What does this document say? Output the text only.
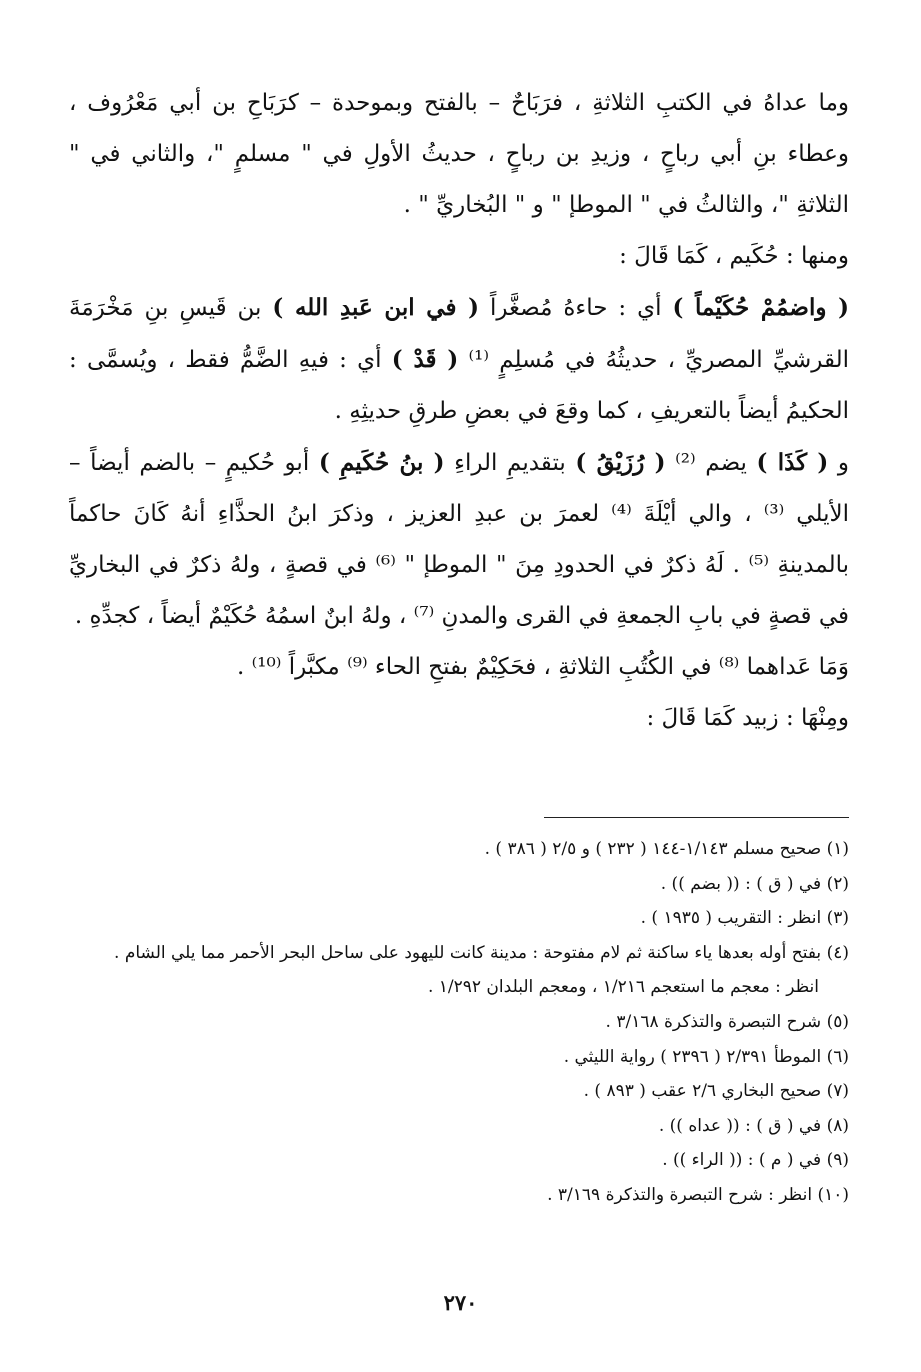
وما عداهُ في الكتبِ الثلاثةِ ، فرَبَاحٌ – بالفتح وبموحدة – كرَبَاحِ بن أبي مَعْرُوف ، وعطاء بنِ أبي رباحٍ ، وزيدِ بن رباحٍ ، حديثُ الأولِ في " مسلمٍ "، والثاني في " الثلاثةِ "، والثالثُ في " الموطإ " و " البُخاريِّ " .

ومنها : حُكَيم ، كَمَا قَالَ :

( واضمُمْ حُكَيْماً ) أي : حاءهُ مُصغَّراً ( في ابن عَبدِ الله ) بن قَيسِ بنِ مَخْرَمَةَ القرشيِّ المصريِّ ، حديثُهُ في مُسلِمٍ ⁽¹⁾ ( قَدْ ) أي : فيهِ الضَّمُّ فقط ، ويُسمَّى : الحكيمُ أيضاً بالتعريفِ ، كما وقعَ في بعضِ طرقِ حديثِهِ .

و ( كَذَا ) يضم ⁽²⁾ ( رُزَيْقُ ) بتقديمِ الراءِ ( بنُ حُكَيمِ ) أبو حُكيمٍ – بالضم أيضاً – الأيلي ⁽³⁾ ، والي أيْلَةَ ⁽⁴⁾ لعمرَ بن عبدِ العزيز ، وذكرَ ابنُ الحذَّاءِ أنهُ كَانَ حاكماً بالمدينةِ ⁽⁵⁾ . لَهُ ذكرٌ في الحدودِ مِنَ " الموطإ " ⁽⁶⁾ في قصةٍ ، ولهُ ذكرٌ في البخاريِّ في قصةٍ في بابِ الجمعةِ في القرى والمدنِ ⁽⁷⁾ ، ولهُ ابنٌ اسمُهُ حُكَيْمٌ أيضاً ، كجدِّهِ .

وَمَا عَداهما ⁽⁸⁾ في الكُتُبِ الثلاثةِ ، فحَكِيْمٌ بفتحِ الحاء ⁽⁹⁾ مكبَّراً ⁽¹⁰⁾ .

ومِنْهَا : زبيد كَمَا قَالَ :

(١) صحيح مسلم ١/١٤٣-١٤٤ ( ٢٣٢ ) و ٢/٥ ( ٣٨٦ ) .

(٢) في ( ق ) : (( بضم )) .

(٣) انظر : التقريب ( ١٩٣٥ ) .

(٤) بفتح أوله بعدها ياء ساكنة ثم لام مفتوحة : مدينة كانت لليهود على ساحل البحر الأحمر مما يلي الشام .

انظر : معجم ما استعجم ١/٢١٦ ، ومعجم البلدان ١/٢٩٢ .

(٥) شرح التبصرة والتذكرة ٣/١٦٨ .

(٦) الموطأ ٢/٣٩١ ( ٢٣٩٦ ) رواية الليثي .

(٧) صحيح البخاري ٢/٦ عقب ( ٨٩٣ ) .

(٨) في ( ق ) : (( عداه )) .

(٩) في ( م ) : (( الراء )) .

(١٠) انظر : شرح التبصرة والتذكرة ٣/١٦٩ .

٢٧٠
